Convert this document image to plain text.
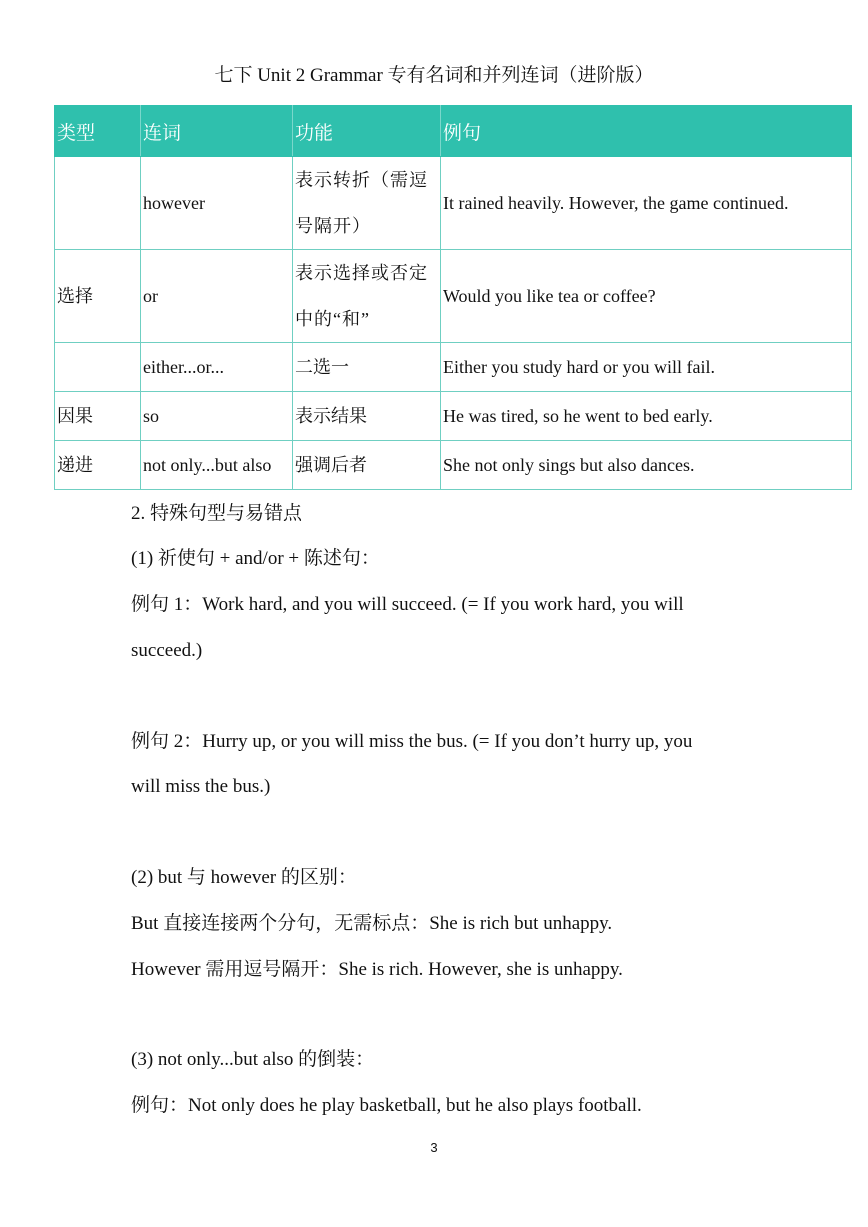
七下 Unit 2 Grammar 专有名词和并列连词（进阶版）
类型	连词	功能	例句
	however	表示转折（需逗号隔开）	It rained heavily. However, the game continued.
选择	or	表示选择或否定中的“和”	Would you like tea or coffee?
	either...or...	二选一	Either you study hard or you will fail.
因果	so	表示结果	He was tired, so he went to bed early.
递进	not only...but also	强调后者	She not only sings but also dances.
2. 特殊句型与易错点
(1) 祈使句 + and/or + 陈述句：
例句 1：Work hard, and you will succeed. (= If you work hard, you will
succeed.)
例句 2：Hurry up, or you will miss the bus. (= If you don’t hurry up, you
will miss the bus.)
(2) but 与 however 的区别：
But 直接连接两个分句，无需标点：She is rich but unhappy.
However 需用逗号隔开：She is rich. However, she is unhappy.
(3) not only...but also 的倒装：
例句：Not only does he play basketball, but he also plays football.
3
